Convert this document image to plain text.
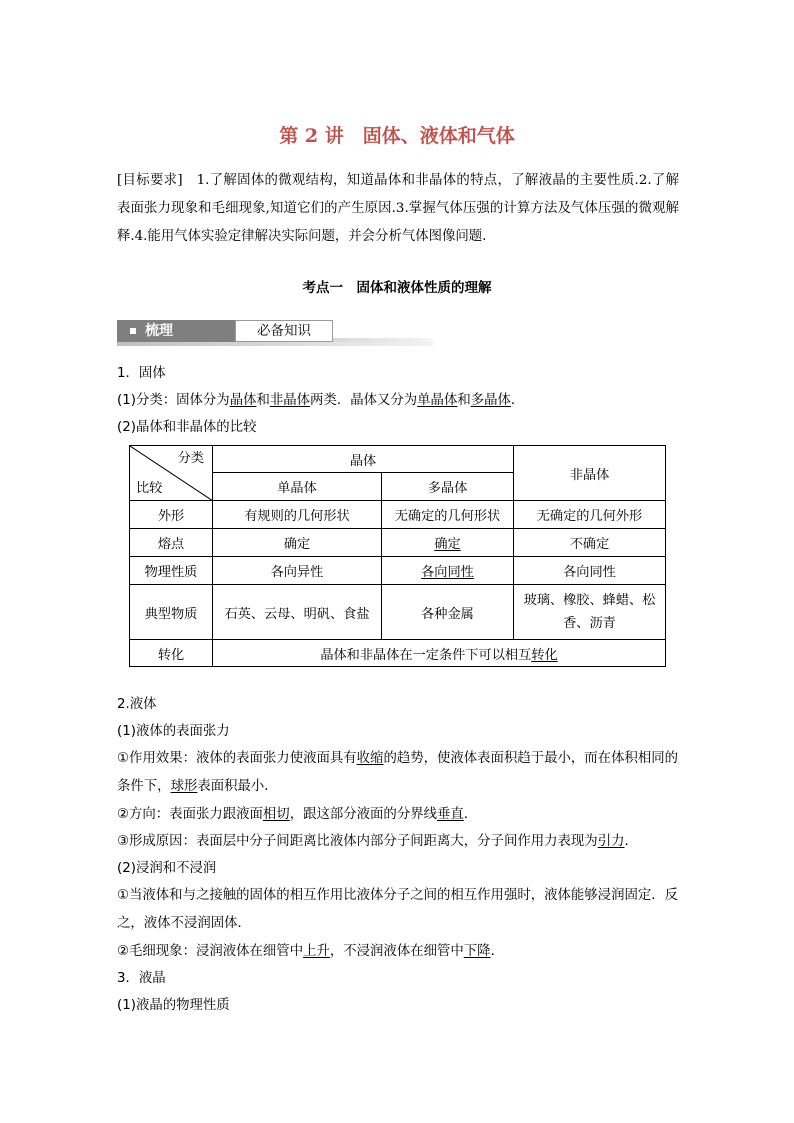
第 2 讲　固体、液体和气体
[目标要求]　1.了解固体的微观结构，知道晶体和非晶体的特点，了解液晶的主要性质.2.了解表面张力现象和毛细现象,知道它们的产生原因.3.掌握气体压强的计算方法及气体压强的微观解释.4.能用气体实验定律解决实际问题，并会分析气体图像问题.
考点一　固体和液体性质的理解
梳理	必备知识
1．固体
(1)分类：固体分为晶体和非晶体两类．晶体又分为单晶体和多晶体．
(2)晶体和非晶体的比较
分类
比较	晶体		非晶体
	单晶体	多晶体	
外形	有规则的几何形状	无确定的几何形状	无确定的几何外形
熔点	确定	确定	不确定
物理性质	各向异性	各向同性	各向同性
典型物质	石英、云母、明矾、食盐	各种金属	玻璃、橡胶、蜂蜡、松香、沥青
转化	晶体和非晶体在一定条件下可以相互转化		
2.液体
(1)液体的表面张力
①作用效果：液体的表面张力使液面具有收缩的趋势，使液体表面积趋于最小，而在体积相同的条件下，球形表面积最小．
②方向：表面张力跟液面相切，跟这部分液面的分界线垂直．
③形成原因：表面层中分子间距离比液体内部分子间距离大，分子间作用力表现为引力．
(2)浸润和不浸润
①当液体和与之接触的固体的相互作用比液体分子之间的相互作用强时，液体能够浸润固定．反之，液体不浸润固体．
②毛细现象：浸润液体在细管中上升，不浸润液体在细管中下降．
3．液晶
(1)液晶的物理性质
